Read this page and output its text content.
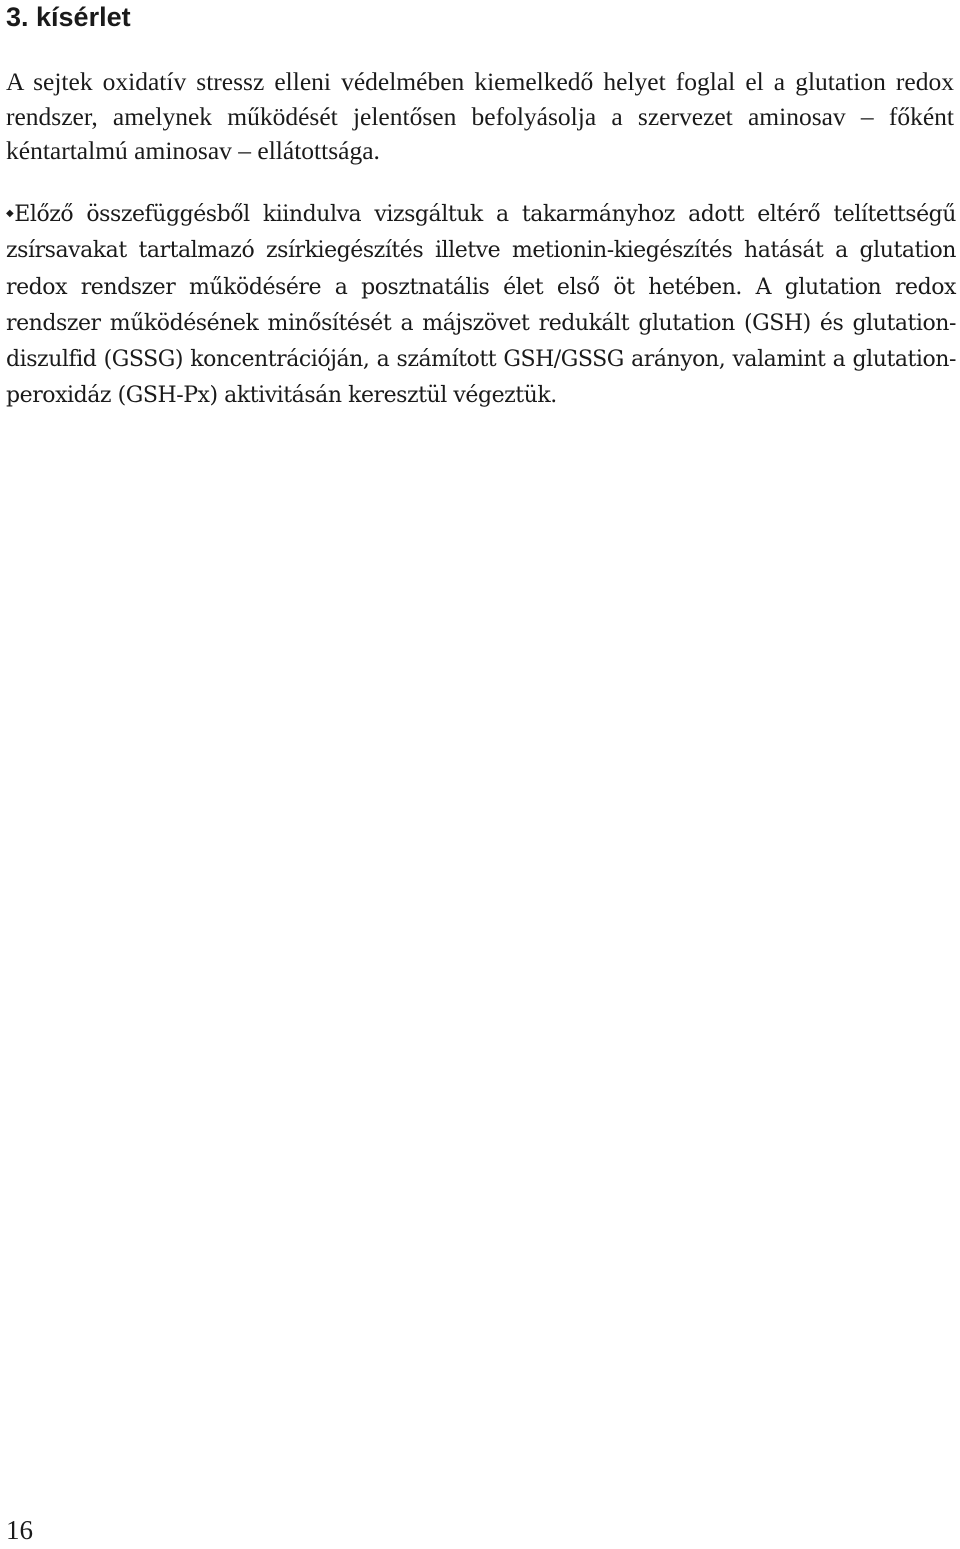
3. kísérlet

A sejtek oxidatív stressz elleni védelmében kiemelkedő helyet foglal el a glutation redox rendszer, amelynek működését jelentősen befolyásolja a szervezet aminosav – főként kéntartalmú aminosav – ellátottsága.

◆Előző összefüggésből kiindulva vizsgáltuk a takarmányhoz adott eltérő telítettségű zsírsavakat tartalmazó zsírkiegészítés illetve metionin-kiegészítés hatását a glutation redox rendszer működésére a posztnatális élet első öt hetében. A glutation redox rendszer működésének minősítését a májszövet redukált glutation (GSH) és glutation-diszulfid (GSSG) koncentrációján, a számított GSH/GSSG arányon, valamint a glutation-peroxidáz (GSH-Px) aktivitásán keresztül végeztük.

16
